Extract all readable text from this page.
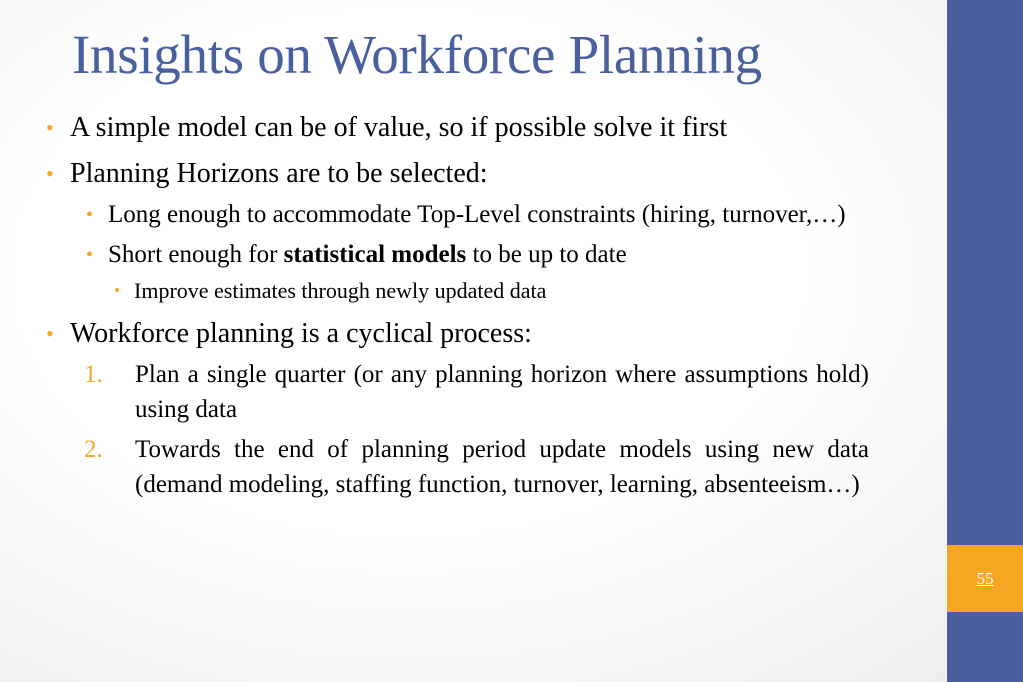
Insights on Workforce Planning
• A simple model can be of value, so if possible solve it first
• Planning Horizons are to be selected:
• Long enough to accommodate Top-Level constraints (hiring, turnover,…)
• Short enough for statistical models to be up to date
• Improve estimates through newly updated data
• Workforce planning is a cyclical process:
1. Plan a single quarter (or any planning horizon where assumptions hold) using data
2. Towards the end of planning period update models using new data (demand modeling, staffing function, turnover, learning, absenteeism…)
55
